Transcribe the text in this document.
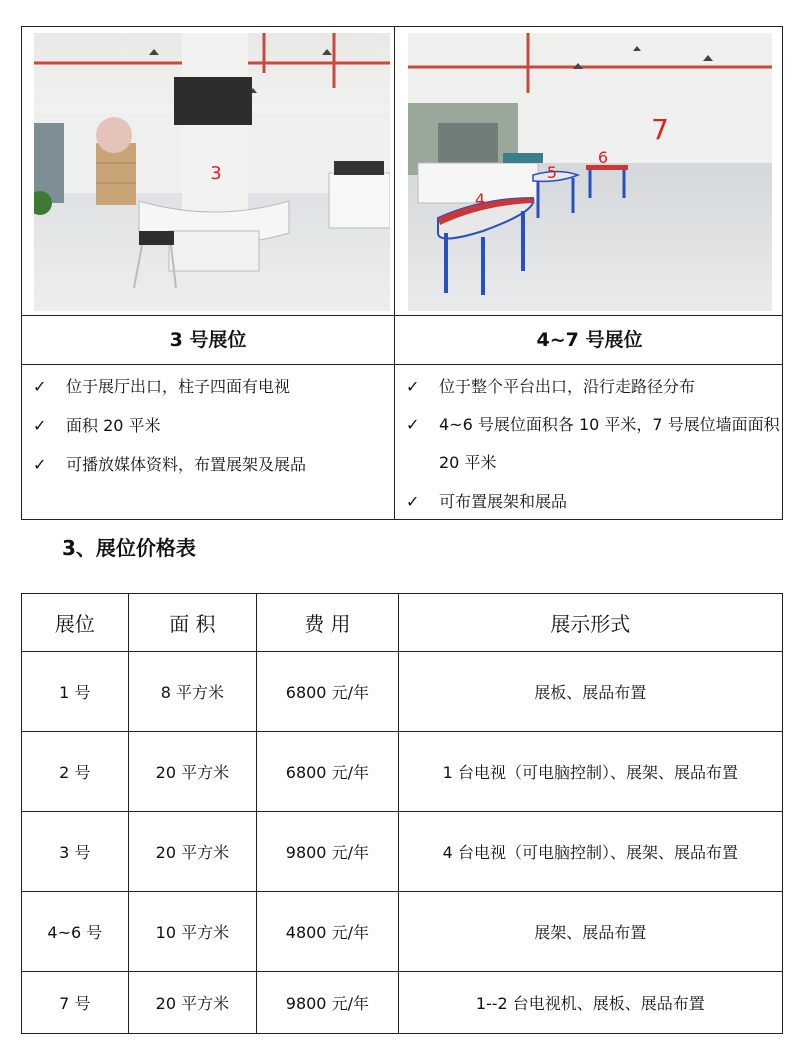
3
4
5
6
7
3 号展位	4~7 号展位
✓ 位于展厅出口，柱子四面有电视
✓ 面积 20 平米
✓ 可播放媒体资料，布置展架及展品
✓ 位于整个平台出口，沿行走路径分布
✓ 4~6 号展位面积各 10 平米，7 号展位墙面面积 20 平米
✓ 可布置展架和展品
3、展位价格表
展位	面 积	费 用	展示形式
1 号	8 平方米	6800 元/年	展板、展品布置
2 号	20 平方米	6800 元/年	1 台电视（可电脑控制）、展架、展品布置
3 号	20 平方米	9800 元/年	4 台电视（可电脑控制）、展架、展品布置
4~6 号	10 平方米	4800 元/年	展架、展品布置
7 号	20 平方米	9800 元/年	1--2 台电视机、展板、展品布置
